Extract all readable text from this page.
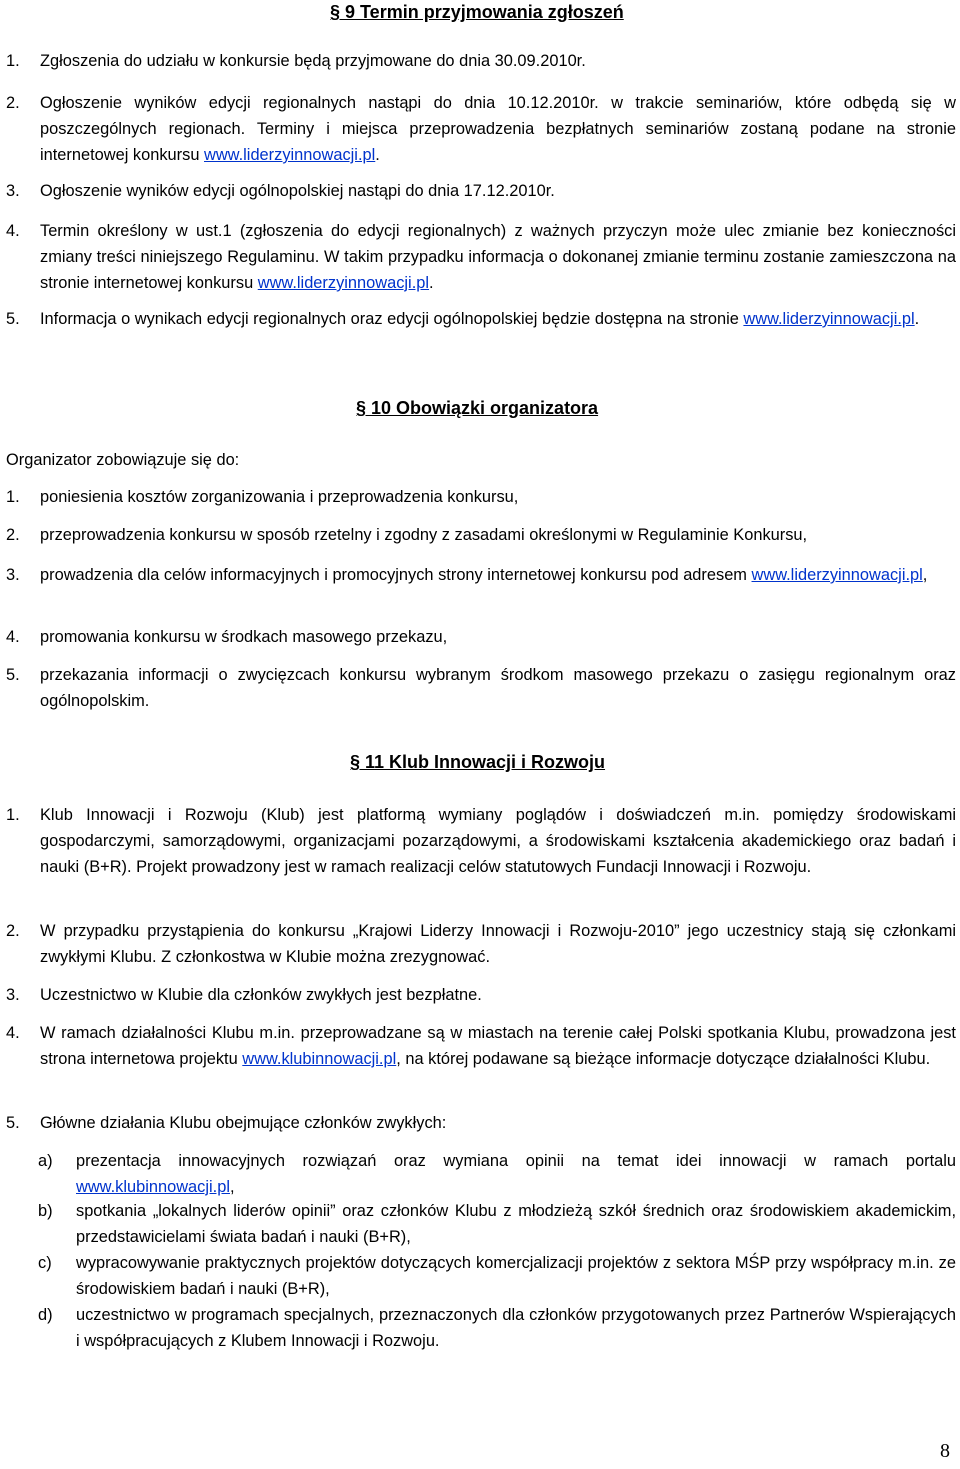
§ 9 Termin przyjmowania zgłoszeń
1. Zgłoszenia do udziału w konkursie będą przyjmowane do dnia 30.09.2010r.
2. Ogłoszenie wyników edycji regionalnych nastąpi do dnia 10.12.2010r. w trakcie seminariów, które odbędą się w poszczególnych regionach. Terminy i miejsca przeprowadzenia bezpłatnych seminariów zostaną podane na stronie internetowej konkursu www.liderzyinnowacji.pl.
3. Ogłoszenie wyników edycji ogólnopolskiej nastąpi do dnia 17.12.2010r.
4. Termin określony w ust.1 (zgłoszenia do edycji regionalnych) z ważnych przyczyn może ulec zmianie bez konieczności zmiany treści niniejszego Regulaminu. W takim przypadku informacja o dokonanej zmianie terminu zostanie zamieszczona na stronie internetowej konkursu www.liderzyinnowacji.pl.
5. Informacja o wynikach edycji regionalnych oraz edycji ogólnopolskiej będzie dostępna na stronie www.liderzyinnowacji.pl.
§ 10 Obowiązki organizatora
Organizator zobowiązuje się do:
1. poniesienia kosztów zorganizowania i przeprowadzenia konkursu,
2. przeprowadzenia konkursu w sposób rzetelny i zgodny z zasadami określonymi w Regulaminie Konkursu,
3. prowadzenia dla celów informacyjnych i promocyjnych strony internetowej konkursu pod adresem www.liderzyinnowacji.pl,
4. promowania konkursu w środkach masowego przekazu,
5. przekazania informacji o zwycięzcach konkursu wybranym środkom masowego przekazu o zasięgu regionalnym oraz ogólnopolskim.
§ 11 Klub Innowacji i Rozwoju
1. Klub Innowacji i Rozwoju (Klub) jest platformą wymiany poglądów i doświadczeń m.in. pomiędzy środowiskami gospodarczymi, samorządowymi, organizacjami pozarządowymi, a środowiskami kształcenia akademickiego oraz badań i nauki (B+R). Projekt prowadzony jest w ramach realizacji celów statutowych Fundacji Innowacji i Rozwoju.
2. W przypadku przystąpienia do konkursu „Krajowi Liderzy Innowacji i Rozwoju-2010” jego uczestnicy stają się członkami zwykłymi Klubu. Z członkostwa w Klubie można zrezygnować.
3. Uczestnictwo w Klubie dla członków zwykłych jest bezpłatne.
4. W ramach działalności Klubu m.in. przeprowadzane są w miastach na terenie całej Polski spotkania Klubu, prowadzona jest strona internetowa projektu www.klubinnowacji.pl, na której podawane są bieżące informacje dotyczące działalności Klubu.
5. Główne działania Klubu obejmujące członków zwykłych:
a) prezentacja innowacyjnych rozwiązań oraz wymiana opinii na temat idei innowacji w ramach portalu www.klubinnowacji.pl,
b) spotkania „lokalnych liderów opinii” oraz członków Klubu z młodzieżą szkół średnich oraz środowiskiem akademickim, przedstawicielami świata badań i nauki (B+R),
c) wypracowywanie praktycznych projektów dotyczących komercjalizacji projektów z sektora MŚP przy współpracy m.in. ze środowiskiem badań i nauki (B+R),
d) uczestnictwo w programach specjalnych, przeznaczonych dla członków przygotowanych przez Partnerów Wspierających i współpracujących z Klubem Innowacji i Rozwoju.
8
